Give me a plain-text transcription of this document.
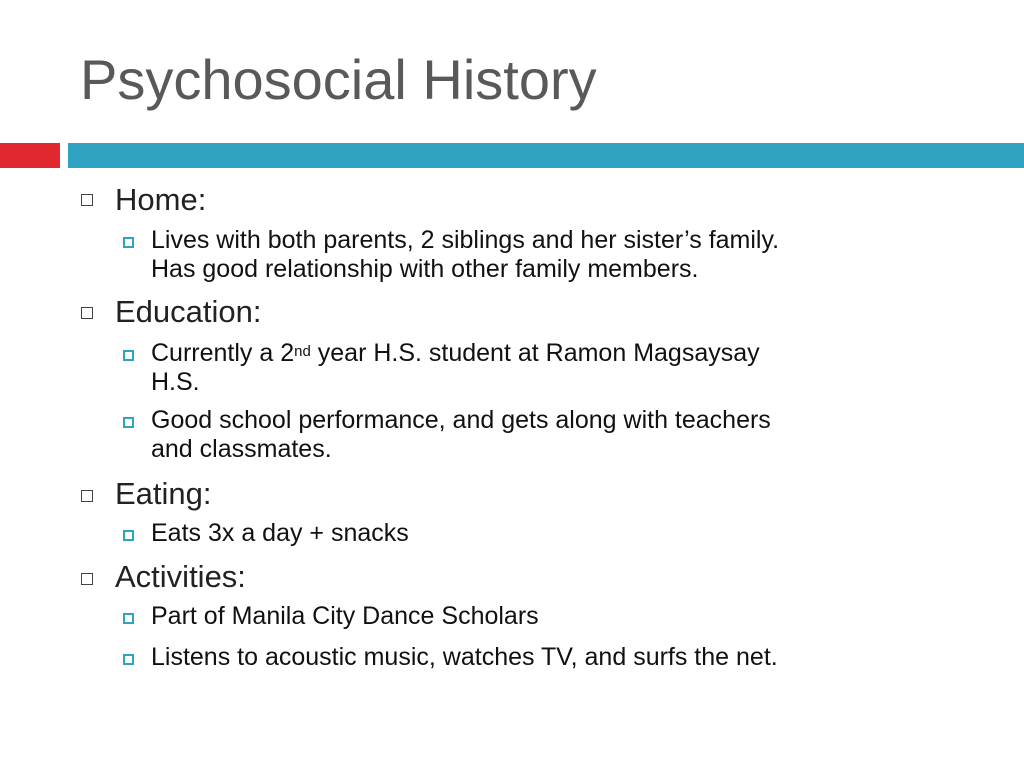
Psychosocial History
Home:
Lives with both parents, 2 siblings and her sister’s family.
Has good relationship with other family members.
Education:
Currently a 2nd year H.S. student at Ramon Magsaysay
H.S.
Good school performance, and gets along with teachers
and classmates.
Eating:
Eats 3x a day + snacks
Activities:
Part of Manila City Dance Scholars
Listens to acoustic music, watches TV, and surfs the net.
